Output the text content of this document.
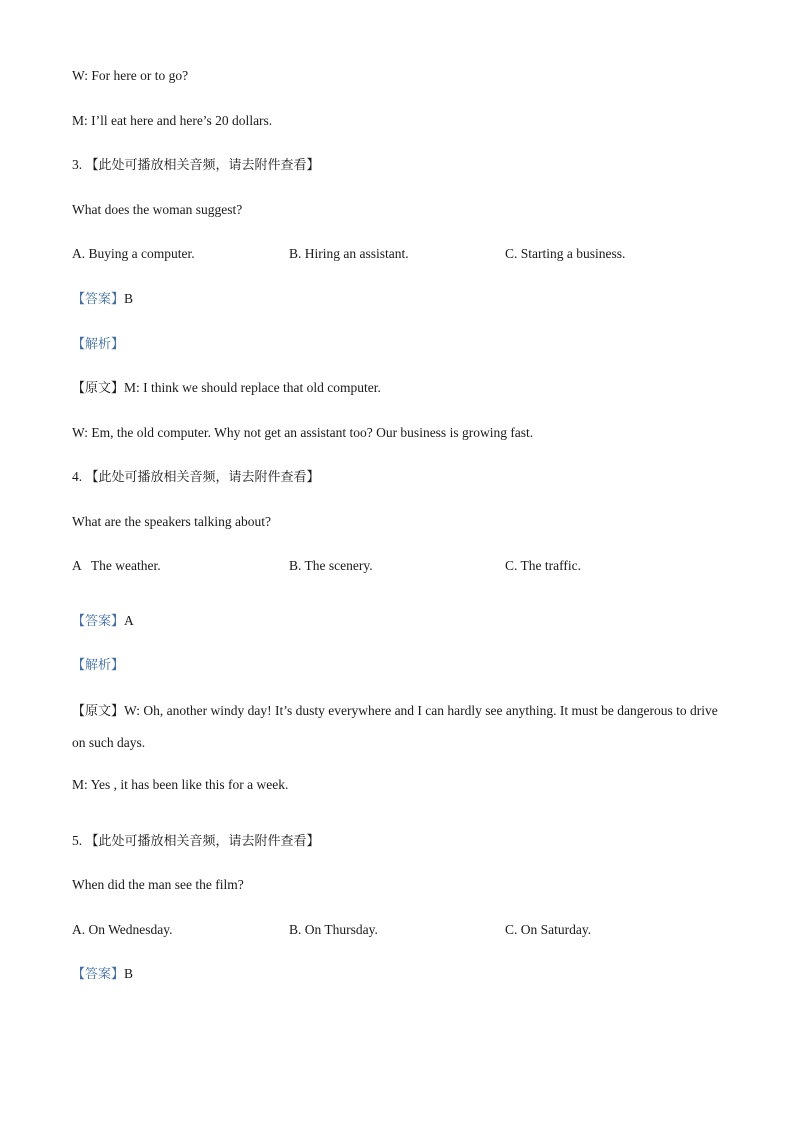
W: For here or to go?
M: I’ll eat here and here’s 20 dollars.
3. 【此处可播放相关音频，请去附件查看】
What does the woman suggest?
A. Buying a computer.	B. Hiring an assistant.	C. Starting a business.
【答案】B
【解析】
【原文】M: I think we should replace that old computer.
W: Em, the old computer. Why not get an assistant too? Our business is growing fast.
4. 【此处可播放相关音频，请去附件查看】
What are the speakers talking about?
A   The weather.	B. The scenery.	C. The traffic.
【答案】A
【解析】
【原文】W: Oh, another windy day! It’s dusty everywhere and I can hardly see anything. It must be dangerous to drive on such days.
M: Yes , it has been like this for a week.
5. 【此处可播放相关音频，请去附件查看】
When did the man see the film?
A. On Wednesday.	B. On Thursday.	C. On Saturday.
【答案】B
